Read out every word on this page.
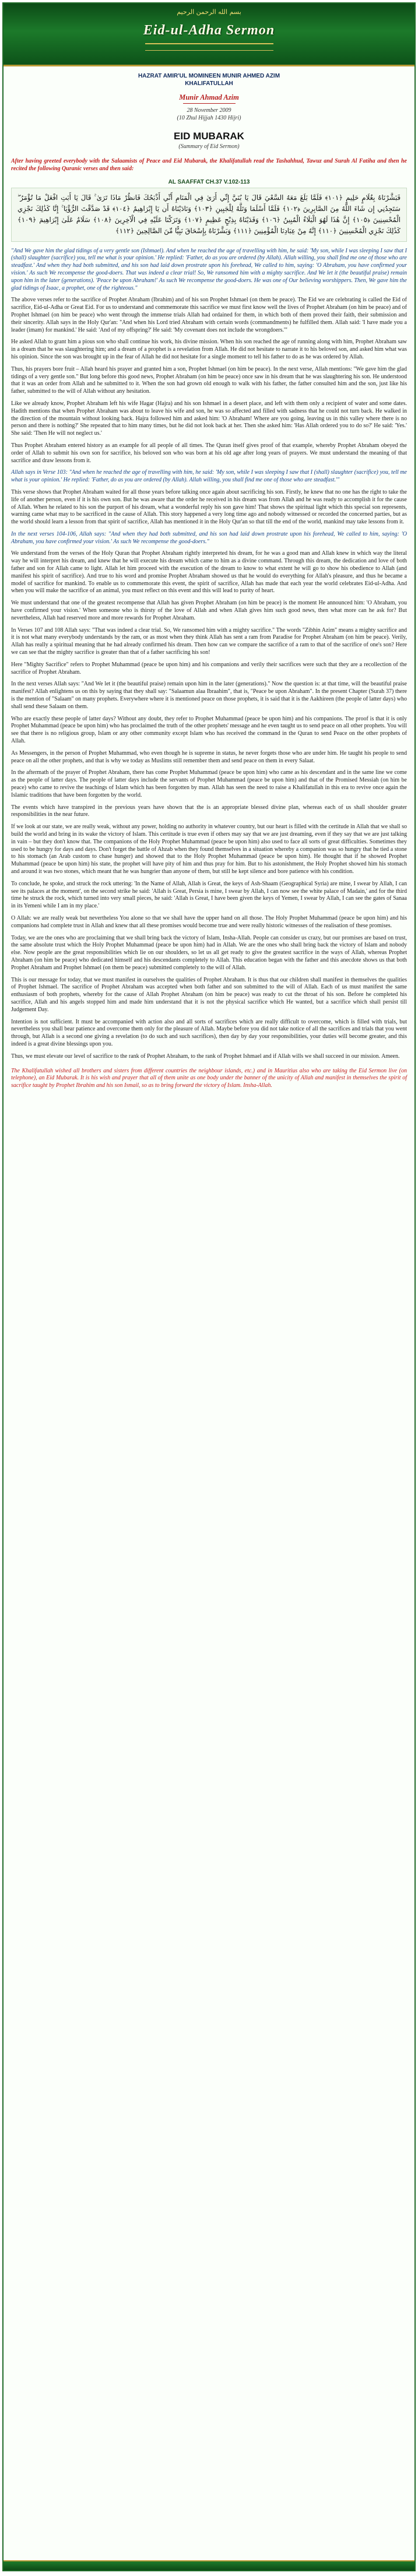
بسم الله الرحمن الرحيم
Eid-ul-Adha Sermon
HAZRAT AMIR'UL MOMINEEN MUNIR AHMED AZIM
KHALIFATULLAH
Munir Ahmad Azim
28 November 2009
(10 Zhul Hijjah 1430 Hijri)
EID MUBARAK
(Summary of Eid Sermon)
After having greeted everybody with the Salaamists of Peace and Eid Mubarak, the Khalifatullah read the Tashahhud, Tawuz and Surah Al Fatiha and then he recited the following Quranic verses and then said:
AL SAAFFAT CH.37 V.102-113
فَبَشَّرْنَاهُ بِغُلَامٍ حَلِيمٍ ﴿١٠١﴾ فَلَمَّا بَلَغَ مَعَهُ السَّعْيَ قَالَ يَا بُنَيَّ إِنِّي أَرَىٰ فِي الْمَنَامِ أَنِّي أَذْبَحُكَ فَانظُرْ مَاذَا تَرَىٰ ۚ قَالَ يَا أَبَتِ افْعَلْ مَا تُؤْمَرُ ۖ سَتَجِدُنِي إِن شَاءَ اللَّهُ مِنَ الصَّابِرِينَ ﴿١٠٢﴾ فَلَمَّا أَسْلَمَا وَتَلَّهُ لِلْجَبِينِ ﴿١٠٣﴾ وَنَادَيْنَاهُ أَن يَا إِبْرَاهِيمُ ﴿١٠٤﴾ قَدْ صَدَّقْتَ الرُّؤْيَا ۚ إِنَّا كَذَٰلِكَ نَجْزِي الْمُحْسِنِينَ ﴿١٠٥﴾ إِنَّ هَٰذَا لَهُوَ الْبَلَاءُ الْمُبِينُ ﴿١٠٦﴾ وَفَدَيْنَاهُ بِذِبْحٍ عَظِيمٍ ﴿١٠٧﴾ وَتَرَكْنَا عَلَيْهِ فِي الْآخِرِينَ ﴿١٠٨﴾ سَلَامٌ عَلَىٰ إِبْرَاهِيمَ ﴿١٠٩﴾ كَذَٰلِكَ نَجْزِي الْمُحْسِنِينَ ﴿١١٠﴾ إِنَّهُ مِنْ عِبَادِنَا الْمُؤْمِنِينَ ﴿١١١﴾ وَبَشَّرْنَاهُ بِإِسْحَاقَ نَبِيًّا مِّنَ الصَّالِحِينَ ﴿١١٢﴾
"And We gave him the glad tidings of a very gentle son (Ishmael). And when he reached the age of travelling with him, he said: 'My son, while I was sleeping I saw that I (shall) slaughter (sacrifice) you, tell me what is your opinion.' He replied: 'Father, do as you are ordered (by Allah). Allah willing, you shall find me one of those who are steadfast.' And when they had both submitted, and his son had laid down prostrate upon his forehead, We called to him, saying: 'O Abraham, you have confirmed your vision.' As such We recompense the good-doers. That was indeed a clear trial! So, We ransomed him with a mighty sacrifice. And We let it (the beautiful praise) remain upon him in the later (generations). 'Peace be upon Abraham!' As such We recompense the good-doers. He was one of Our believing worshippers. Then, We gave him the glad tidings of Isaac, a prophet, one of the righteous."

The above verses refer to the sacrifice of Prophet Abraham (Ibrahim) and of his son Prophet Ishmael (on them be peace). The Eid we are celebrating is called the Eid of sacrifice, Eid-ul-Adha or Great Eid. For us to understand and commemorate this sacrifice we must first know well the lives of Prophet Abraham (on him be peace) and of Prophet Ishmael (on him be peace) who went through the immense trials Allah had ordained for them, in which both of them proved their faith, their submission and their sincerity. Allah says in the Holy Qur'an: "And when his Lord tried Abraham with certain words (commandments) he fulfilled them. Allah said: 'I have made you a leader (imam) for mankind.' He said: 'And of my offspring?' He said: 'My covenant does not include the wrongdoers.'"

He asked Allah to grant him a pious son who shall continue his work, his divine mission. When his son reached the age of running along with him, Prophet Abraham saw in a dream that he was slaughtering him; and a dream of a prophet is a revelation from Allah. He did not hesitate to narrate it to his beloved son, and asked him what was his opinion. Since the son was brought up in the fear of Allah he did not hesitate for a single moment to tell his father to do as he was ordered by Allah.

Thus, his prayers bore fruit – Allah heard his prayer and granted him a son, Prophet Ishmael (on him be peace). In the next verse, Allah mentions: "We gave him the glad tidings of a very gentle son." But long before this good news, Prophet Abraham (on him be peace) once saw in his dream that he was slaughtering his son. He understood that it was an order from Allah and he submitted to it. When the son had grown old enough to walk with his father, the father consulted him and the son, just like his father, submitted to the will of Allah without any hesitation.

Like we already know, Prophet Abraham left his wife Hagar (Hajra) and his son Ishmael in a desert place, and left with them only a recipient of water and some dates. Hadith mentions that when Prophet Abraham was about to leave his wife and son, he was so affected and filled with sadness that he could not turn back. He walked in the direction of the mountain without looking back. Hajra followed him and asked him: 'O Abraham! Where are you going, leaving us in this valley where there is no person and there is nothing?' She repeated that to him many times, but he did not look back at her. Then she asked him: 'Has Allah ordered you to do so?' He said: 'Yes.' She said: 'Then He will not neglect us.'

Thus Prophet Abraham entered history as an example for all people of all times. The Quran itself gives proof of that example, whereby Prophet Abraham obeyed the order of Allah to submit his own son for sacrifice, his beloved son who was born at his old age after long years of prayers. We must understand the meaning of that sacrifice and draw lessons from it.

Allah says in Verse 103: "And when he reached the age of travelling with him, he said: 'My son, while I was sleeping I saw that I (shall) slaughter (sacrifice) you, tell me what is your opinion.' He replied: 'Father, do as you are ordered (by Allah). Allah willing, you shall find me one of those who are steadfast.'"

This verse shows that Prophet Abraham waited for all those years before talking once again about sacrificing his son. Firstly, he knew that no one has the right to take the life of another person, even if it is his own son. But he was aware that the order he received in his dream was from Allah and he was ready to accomplish it for the cause of Allah. When he related to his son the purport of his dream, what a wonderful reply his son gave him! That shows the spiritual light which this special son represents, warning came what may to be sacrificed in the cause of Allah. This story happened a very long time ago and nobody witnessed or recorded the concerned parties, but as the world should learn a lesson from that spirit of sacrifice, Allah has mentioned it in the Holy Qur'an so that till the end of the world, mankind may take lessons from it.

In the next verses 104-106, Allah says: "And when they had both submitted, and his son had laid down prostrate upon his forehead, We called to him, saying: 'O Abraham, you have confirmed your vision.' As such We recompense the good-doers."

We understand from the verses of the Holy Quran that Prophet Abraham rightly interpreted his dream, for he was a good man and Allah knew in which way the literal way he will interpret his dream, and knew that he will execute his dream which came to him as a divine command. Through this dream, the dedication and love of both father and son for Allah came to light. Allah let him proceed with the execution of the dream to know to what extent he will go to show his obedience to Allah (and manifest his spirit of sacrifice). And true to his word and promise Prophet Abraham showed us that he would do everything for Allah's pleasure, and thus he became a model of sacrifice for mankind. To enable us to commemorate this event, the spirit of sacrifice, Allah has made that each year the world celebrates Eid-ul-Adha. And when you will make the sacrifice of an animal, you must reflect on this event and this will lead to purity of heart.

We must understand that one of the greatest recompense that Allah has given Prophet Abraham (on him be peace) is the moment He announced him: 'O Abraham, you have confirmed your vision.' When someone who is thirsty of the love of Allah and when Allah gives him such good news, then what more can he ask for? But nevertheless, Allah had reserved more and more rewards for Prophet Abraham.

In Verses 107 and 108 Allah says: "That was indeed a clear trial. So, We ransomed him with a mighty sacrifice." The words "Zibhin Azim" means a mighty sacrifice and it is not what many everybody understands by the ram, or as most when they think Allah has sent a ram from Paradise for Prophet Abraham (on him be peace). Verily, Allah has really a spiritual meaning that he had already confirmed his dream. Then how can we compare the sacrifice of a ram to that of the sacrifice of one's son? Here we can see that the mighty sacrifice is greater than that of a father sacrificing his son!

Here "Mighty Sacrifice" refers to Prophet Muhammad (peace be upon him) and his companions and verily their sacrifices were such that they are a recollection of the sacrifice of Prophet Abraham.

In the next verses Allah says: "And We let it (the beautiful praise) remain upon him in the later (generations)." Now the question is: at that time, will the beautiful praise manifest? Allah enlightens us on this by saying that they shall say: "Salaamun alaa Ibraahim", that is, "Peace be upon Abraham". In the present Chapter (Surah 37) there is the mention of "Salaam" on many prophets. Everywhere where it is mentioned peace on those prophets, it is said that it is the Aakhireen (the people of latter days) who shall send these Salaam on them.

Who are exactly these people of latter days? Without any doubt, they refer to Prophet Muhammad (peace be upon him) and his companions. The proof is that it is only Prophet Muhammad (peace be upon him) who has proclaimed the truth of the other prophets' message and he even taught us to send peace on all other prophets. You will see that there is no religious group, Islam or any other community except Islam who has received the command in the Quran to send Peace on the other prophets of Allah.

As Messengers, in the person of Prophet Muhammad, who even though he is supreme in status, he never forgets those who are under him. He taught his people to send peace on all the other prophets, and that is why we today as Muslims still remember them and send peace on them in every Salaat.

In the aftermath of the prayer of Prophet Abraham, there has come Prophet Muhammad (peace be upon him) who came as his descendant and in the same line we come as the people of latter days. The people of latter days include the servants of Prophet Muhammad (peace be upon him) and that of the Promised Messiah (on him be peace) who came to revive the teachings of Islam which has been forgotten by man. Allah has seen the need to raise a Khalifatullah in this era to revive once again the Islamic traditions that have been forgotten by the world.

The events which have transpired in the previous years have shown that the is an appropriate blessed divine plan, whereas each of us shall shoulder greater responsibilities in the near future.

If we look at our state, we are really weak, without any power, holding no authority in whatever country, but our heart is filled with the certitude in Allah that we shall so build the world and bring in its wake the victory of Islam. This certitude is true even if others may say that we are just dreaming, even if they say that we are just talking in vain – but they don't know that. The companions of the Holy Prophet Muhammad (peace be upon him) also used to face all sorts of great difficulties. Sometimes they used to be hungry for days and days. Don't forget the battle of Ahzab when they found themselves in a situation whereby a companion was so hungry that he tied a stone to his stomach (an Arab custom to chase hunger) and showed that to the Holy Prophet Muhammad (peace be upon him). He thought that if he showed Prophet Muhammad (peace be upon him) his state, the prophet will have pity of him and thus pray for him. But to his astonishment, the Holy Prophet showed him his stomach and around it was two stones, which meant that he was hungrier than anyone of them, but still he kept silence and bore patience with his condition.

To conclude, he spoke, and struck the rock uttering: 'In the Name of Allah, Allah is Great, the keys of Ash-Shaam (Geographical Syria) are mine, I swear by Allah, I can see its palaces at the moment', on the second strike he said: 'Allah is Great, Persia is mine, I swear by Allah, I can now see the white palace of Madain,' and for the third time he struck the rock, which turned into very small pieces, he said: 'Allah is Great, I have been given the keys of Yemen, I swear by Allah, I can see the gates of Sanaa in its Yemeni while I am in my place.'

O Allah: we are really weak but nevertheless You alone so that we shall have the upper hand on all those. The Holy Prophet Muhammad (peace be upon him) and his companions had complete trust in Allah and knew that all these promises would become true and were really historic witnesses of the realisation of these promises.

Today, we are the ones who are proclaiming that we shall bring back the victory of Islam, Insha-Allah. People can consider us crazy, but our promises are based on trust, the same absolute trust which the Holy Prophet Muhammad (peace be upon him) had in Allah. We are the ones who shall bring back the victory of Islam and nobody else. Now people are the great responsibilities which lie on our shoulders, so let us all get ready to give the greatest sacrifice in the ways of Allah, whereas Prophet Abraham (on him be peace) who dedicated himself and his descendants completely to Allah. This education began with the father and this anecdote shows us that both Prophet Abraham and Prophet Ishmael (on them be peace) submitted completely to the will of Allah.

This is our message for today, that we must manifest in ourselves the qualities of Prophet Abraham. It is thus that our children shall manifest in themselves the qualities of Prophet Ishmael. The sacrifice of Prophet Abraham was accepted when both father and son submitted to the will of Allah. Each of us must manifest the same enthusiasm of both prophets, whereby for the cause of Allah Prophet Abraham (on him be peace) was ready to cut the throat of his son. Before he completed his sacrifice, Allah and his angels stopped him and made him understand that it is not the physical sacrifice which He wanted, but a sacrifice which shall persist till Judgement Day.

Intention is not sufficient. It must be accompanied with action also and all sorts of sacrifices which are really difficult to overcome, which is filled with trials, but nevertheless you shall bear patience and overcome them only for the pleasure of Allah. Maybe before you did not take notice of all the sacrifices and trials that you went through, but Allah is a second one giving a revelation (to do such and such sacrifices), then day by day your responsibilities, your duties will become greater, and this indeed is a great divine blessings upon you.

Thus, we must elevate our level of sacrifice to the rank of Prophet Abraham, to the rank of Prophet Ishmael and if Allah wills we shall succeed in our mission. Ameen.

The Khalifatullah wished all brothers and sisters from different countries the neighbour islands, etc.) and in Mauritius also who are taking the Eid Sermon live (on telephone), an Eid Mubarak. It is his wish and prayer that all of them unite as one body under the banner of the unicity of Allah and manifest in themselves the spirit of sacrifice taught by Prophet Ibrahim and his son Ismail, so as to bring forward the victory of Islam. Insha-Allah.
